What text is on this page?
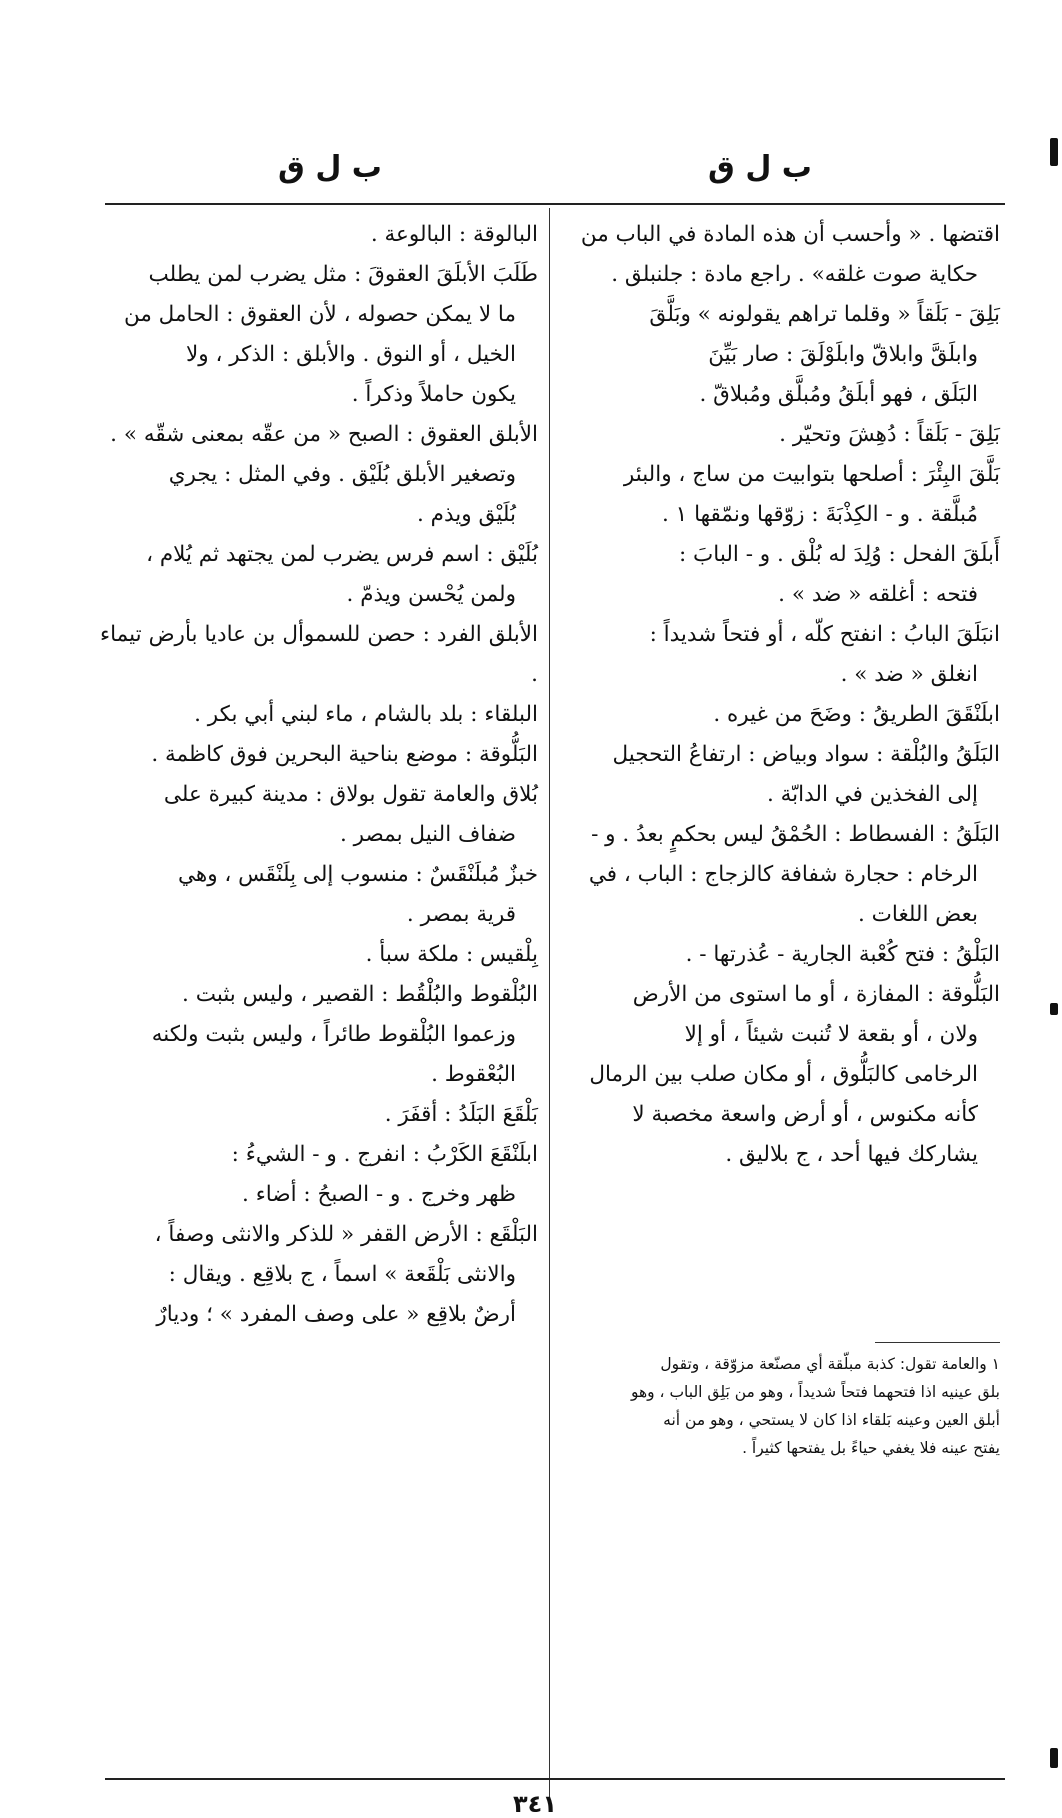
ب ل ق
ب ل ق

اقتضها . « وأحسب أن هذه المادة في الباب من

حكاية صوت غلقه» . راجع مادة : جلنبلق .

بَلِقَ - بَلَقاً « وقلما تراهم يقولونه » وبَلَّقَ

وابلَقَّ وابلاقّ وابلَوْلَقَ : صار بَيِّنَ

البَلَق ، فهو أبلَقُ ومُبلَّق ومُبلاقّ .

بَلِقَ - بَلَقاً : دُهِشَ وتحيّر .

بَلَّقَ البِئْرَ : أصلحها بتوابيت من ساج ، والبئر

مُبلَّقة . و - الكِذْبَةَ : زوّقها ونمّقها ١ .

أَبلَقَ الفحل : وُلِدَ له بُلْق . و - البابَ :

فتحه : أغلقه « ضد » .

انبَلَقَ البابُ : انفتح كلّه ، أو فتحاً شديداً :

انغلق « ضد » .

ابلَنْقَقَ الطريقُ : وضَحَ من غيره .

البَلَقُ والبُلْقة : سواد وبياض : ارتفاعُ التحجيل

إلى الفخذين في الدابّة .

البَلَقُ : الفسطاط : الحُمْقُ ليس بحكمٍ بعدُ . و -

الرخام : حجارة شفافة كالزجاج : الباب ، في

بعض اللغات .

البَلْقُ : فتح كُعْبة الجارية - عُذرتها - .

البَلُّوقة : المفازة ، أو ما استوى من الأرض

ولان ، أو بقعة لا تُنبت شيئاً ، أو إلا

الرخامى كالبَلُّوق ، أو مكان صلب بين الرمال

كأنه مكنوس ، أو أرض واسعة مخصبة لا

يشاركك فيها أحد ، ج بلاليق .

البالوقة : البالوعة .

طَلَبَ الأبلَقَ العقوقَ : مثل يضرب لمن يطلب

ما لا يمكن حصوله ، لأن العقوق : الحامل من

الخيل ، أو النوق . والأبلق : الذكر ، ولا

يكون حاملاً وذكراً .

الأبلق العقوق : الصبح « من عقّه بمعنى شقّه » .

وتصغير الأبلق بُلَيْق . وفي المثل : يجري

بُلَيْق ويذم .

بُلَيْق : اسم فرس يضرب لمن يجتهد ثم يُلام ،

ولمن يُحْسن ويذمّ .

الأبلق الفرد : حصن للسموأل بن عاديا بأرض تيماء .

البلقاء : بلد بالشام ، ماء لبني أبي بكر .

البَلُّوقة : موضع بناحية البحرين فوق كاظمة .

بُلاق والعامة تقول بولاق : مدينة كبيرة على

ضفاف النيل بمصر .

خبزٌ مُبلَنْقَسٌ : منسوب إلى بِلَنْقَس ، وهي

قرية بمصر .

بِلْقيس : ملكة سبأ .

البُلْقوط والبُلْقُط : القصير ، وليس بثبت .

وزعموا البُلْقوط طائراً ، وليس بثبت ولكنه

البُعْقوط .

بَلْقَعَ البَلَدُ : أقفَرَ .

ابلَنْقَعَ الكَرْبُ : انفرج . و - الشيءُ :

ظهر وخرج . و - الصبحُ : أضاء .

البَلْقَع : الأرض القفر « للذكر والانثى وصفاً ،

والانثى بَلْقَعة » اسماً ، ج بلاقِع . ويقال :

أرضٌ بلاقِع « على وصف المفرد » ؛ وديارٌ

١ والعامة تقول: كذبة مبلّقة أي مصنّعة مزوّقة ، وتقول
بلق عينيه اذا فتحهما فتحاً شديداً ، وهو من بَلِق الباب ، وهو
أبلق العين وعينه بَلقاء اذا كان لا يستحي ، وهو من أنه
يفتح عينه فلا يغفي حياءً بل يفتحها كثيراً .
٣٤١
